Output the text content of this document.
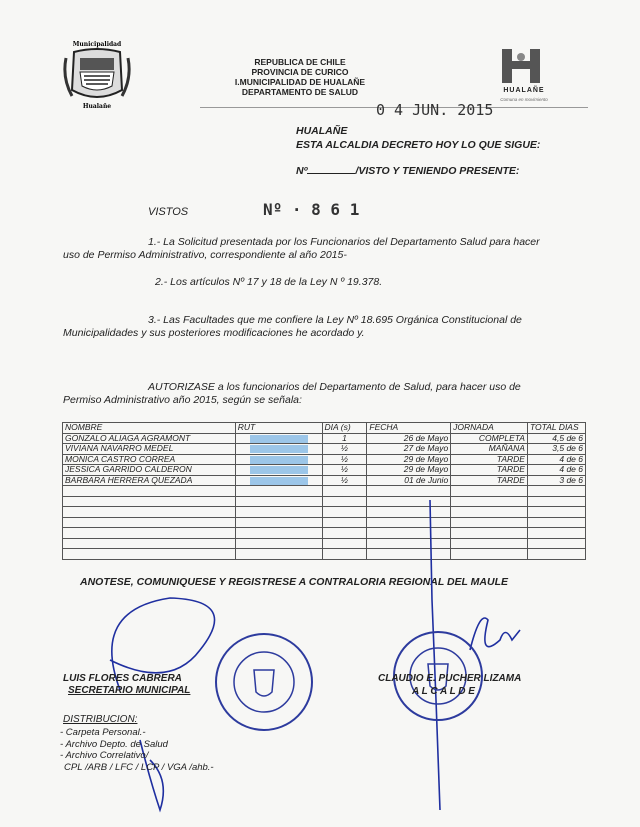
Municipalidad
Hualañe
REPUBLICA DE CHILE
PROVINCIA DE CURICO
I.MUNICIPALIDAD DE HUALAÑE
DEPARTAMENTO DE SALUD	HUALAÑE
Comuna en movimiento
0 4 JUN. 2015
HUALAÑE
ESTA ALCALDIA DECRETO HOY LO QUE SIGUE:
Nº	/VISTO Y TENIENDO PRESENTE:
VISTOS	Nº · 8 6 1
1.- La Solicitud presentada por los Funcionarios del Departamento Salud para hacer
uso de Permiso Administrativo, correspondiente al año 2015-
2.- Los artículos Nº 17 y 18 de la Ley N º 19.378.
3.- Las Facultades que me confiere la Ley Nº 18.695 Orgánica Constitucional de
Municipalidades y sus posteriores modificaciones he acordado y.
AUTORIZASE a los funcionarios del Departamento de Salud, para hacer uso de
Permiso Administrativo año 2015, según se señala:
NOMBRE	RUT	DIA (s)	FECHA	JORNADA	TOTAL DIAS
GONZALO ALIAGA AGRAMONT		1	26 de Mayo	COMPLETA	4,5 de 6
VIVIANA NAVARRO MEDEL		½	27 de Mayo	MAÑANA	3,5 de 6
MONICA CASTRO CORREA		½	29 de Mayo	TARDE	4 de 6
JESSICA GARRIDO CALDERON		½	29 de Mayo	TARDE	4 de 6
BARBARA HERRERA QUEZADA		½	01 de Junio	TARDE	3 de 6

ANOTESE, COMUNIQUESE Y REGISTRESE A CONTRALORIA REGIONAL DEL MAULE
LUIS FLORES CABRERA
SECRETARIO MUNICIPAL
CLAUDIO E. PUCHER LIZAMA
A L C A L D E
DISTRIBUCION:
- Carpeta Personal.-
- Archivo Depto. de Salud
- Archivo Correlativo/
CPL /ARB / LFC / LCP / VGA /ahb.-
